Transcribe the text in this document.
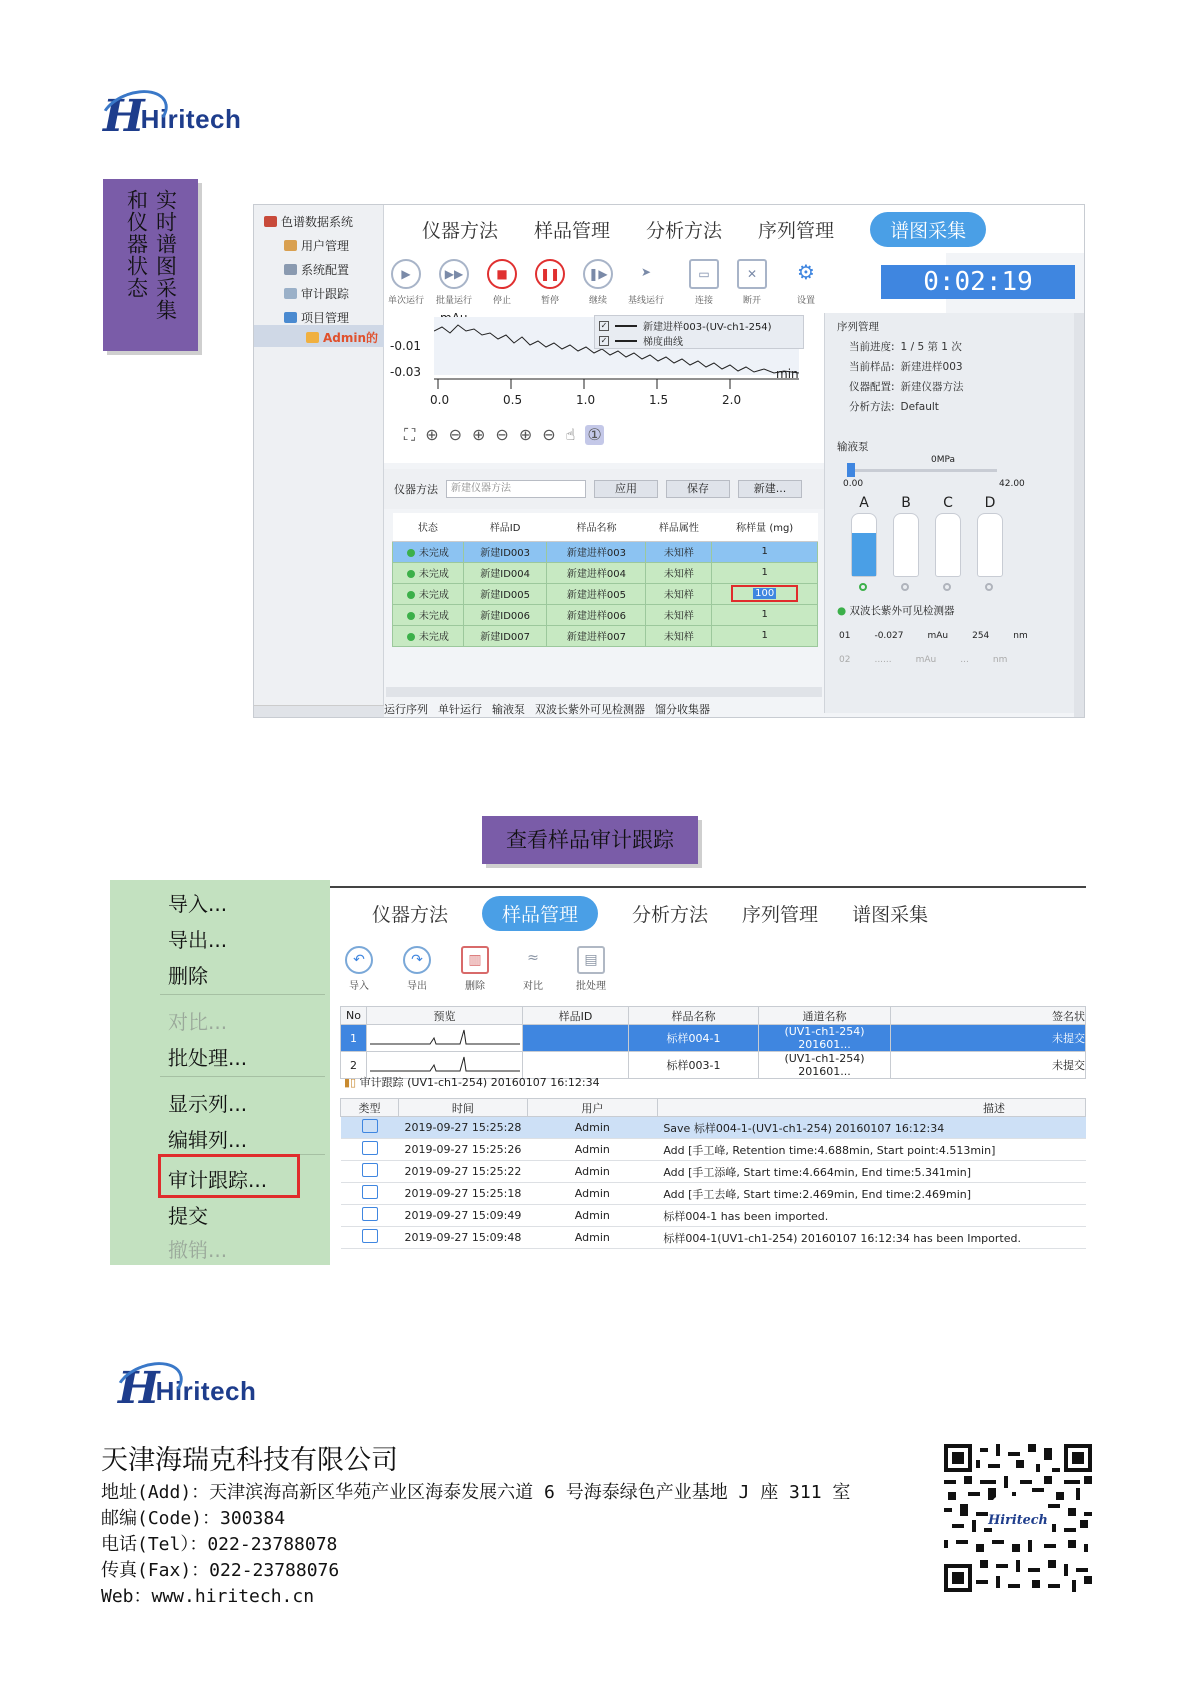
H
Hiritech
实时谱图采集
和仪器状态	色谱数据系统
用户管理
系统配置
审计跟踪
项目管理
Admin的
仪器方法 样品管理 分析方法 序列管理	谱图采集
▶
单次运行
▶▶
批量运行
■
停止
❚❚
暂停
❚▶
继续
➤
基线运行
▭
连接
✕
断开
⚙
设置
0:02:19
✓	新建进样003-(UV-ch1-254)
✓	梯度曲线
-0.01
-0.03	min
0.0	0.5	1.0	1.5	2.0
⛶ ⊕ ⊖ ⊕ ⊖ ⊕ ⊖ ☝ ①
仪器方法	新建仪器方法	应用	保存	新建...
状态	样品ID	样品名称	样品属性	称样量 (mg)
未完成	新建ID003	新建进样003	未知样	1
未完成	新建ID004	新建进样004	未知样	1
未完成	新建ID005	新建进样005	未知样	100
未完成	新建ID006	新建进样006	未知样	1
未完成	新建ID007	新建进样007	未知样	1
运行序列 单针运行 输液泵 双波长紫外可见检测器 馏分收集器
序列管理
当前进度: 1 / 5 第 1 次
当前样品: 新建进样003
仪器配置: 新建仪器方法
分析方法: Default
输液泵
0MPa
0.00	42.00
A	B	C	D
● 双波长紫外可见检测器
01	-0.027	mAu	254	nm
02	......	mAu	...	nm
查看样品审计跟踪
导入...
导出...
删除
对比...
批处理...
显示列...
编辑列...
审计跟踪...
提交
撤销...
仪器方法	样品管理	分析方法 序列管理 谱图采集
↶
导入
↷
导出
▥
删除
≈
对比
▤
批处理
No	预览	样品ID	样品名称	通道名称	签名状
1			标样004-1	(UV1-ch1-254) 201601...	未提交
2			标样003-1	(UV1-ch1-254) 201601...	未提交
▮▯ 审计跟踪 (UV1-ch1-254) 20160107 16:12:34
类型	时间	用户	描述
	2019-09-27 15:25:28	Admin	Save 标样004-1-(UV1-ch1-254) 20160107 16:12:34
	2019-09-27 15:25:26	Admin	Add [手工峰, Retention time:4.688min, Start point:4.513min]
	2019-09-27 15:25:22	Admin	Add [手工添峰, Start time:4.664min, End time:5.341min]
	2019-09-27 15:25:18	Admin	Add [手工去峰, Start time:2.469min, End time:2.469min]
	2019-09-27 15:09:49	Admin	标样004-1 has been imported.
	2019-09-27 15:09:48	Admin	标样004-1(UV1-ch1-254) 20160107 16:12:34 has been Imported.
H
Hiritech
天津海瑞克科技有限公司
地址(Add)：天津滨海高新区华苑产业区海泰发展六道 6 号海泰绿色产业基地 J 座 311 室
邮编(Code)：300384
电话(Tel）：022-23788078
传真(Fax)：022-23788076
Web：www.hiritech.cn
Hiritech
